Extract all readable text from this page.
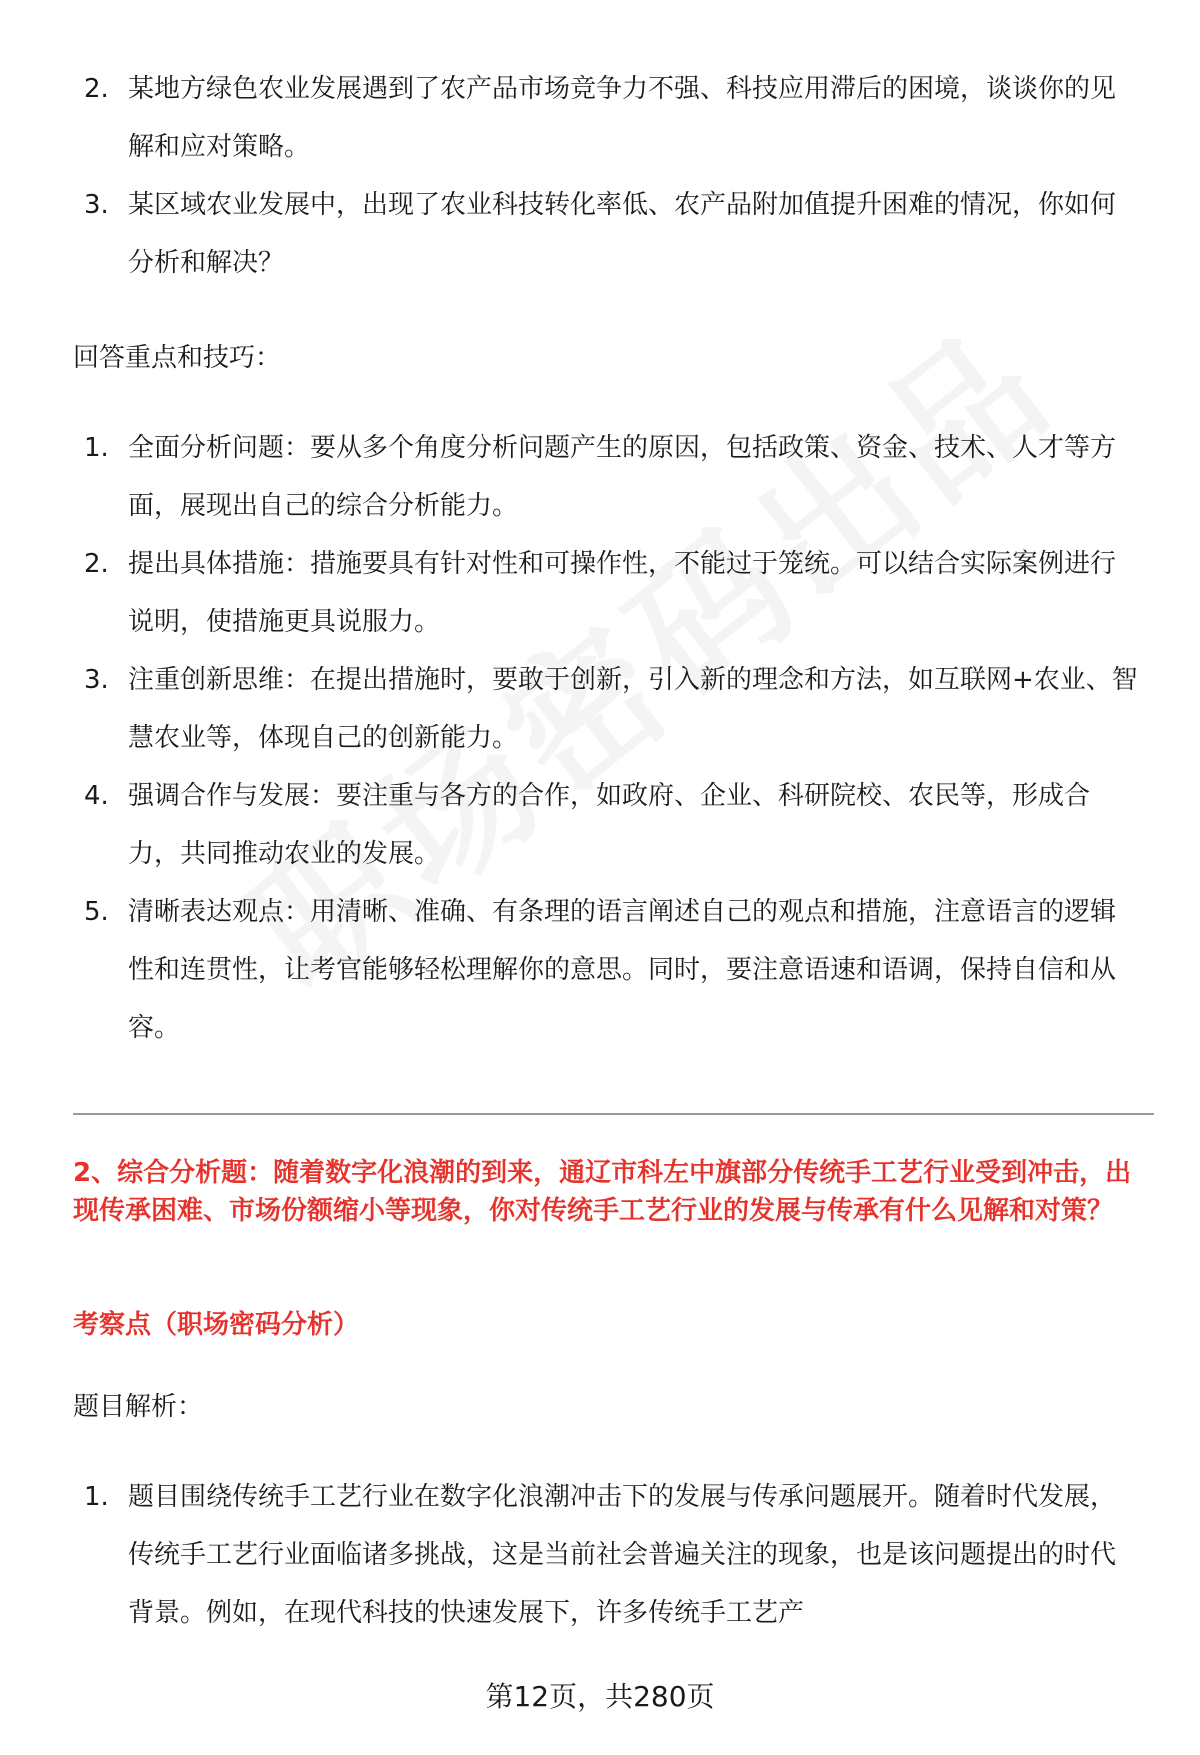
2. 某地方绿色农业发展遇到了农产品市场竞争力不强、科技应用滞后的困境，谈谈你的见解和应对策略。
3. 某区域农业发展中，出现了农业科技转化率低、农产品附加值提升困难的情况，你如何分析和解决？
回答重点和技巧：
1. 全面分析问题：要从多个角度分析问题产生的原因，包括政策、资金、技术、人才等方面，展现出自己的综合分析能力。
2. 提出具体措施：措施要具有针对性和可操作性，不能过于笼统。可以结合实际案例进行说明，使措施更具说服力。
3. 注重创新思维：在提出措施时，要敢于创新，引入新的理念和方法，如互联网+农业、智慧农业等，体现自己的创新能力。
4. 强调合作与发展：要注重与各方的合作，如政府、企业、科研院校、农民等，形成合力，共同推动农业的发展。
5. 清晰表达观点：用清晰、准确、有条理的语言阐述自己的观点和措施，注意语言的逻辑性和连贯性，让考官能够轻松理解你的意思。同时，要注意语速和语调，保持自信和从容。
2、综合分析题：随着数字化浪潮的到来，通辽市科左中旗部分传统手工艺行业受到冲击，出现传承困难、市场份额缩小等现象，你对传统手工艺行业的发展与传承有什么见解和对策？
考察点（职场密码分析）
题目解析：
1. 题目围绕传统手工艺行业在数字化浪潮冲击下的发展与传承问题展开。随着时代发展，传统手工艺行业面临诸多挑战，这是当前社会普遍关注的现象，也是该问题提出的时代背景。例如，在现代科技的快速发展下，许多传统手工艺产
第12页，共280页
